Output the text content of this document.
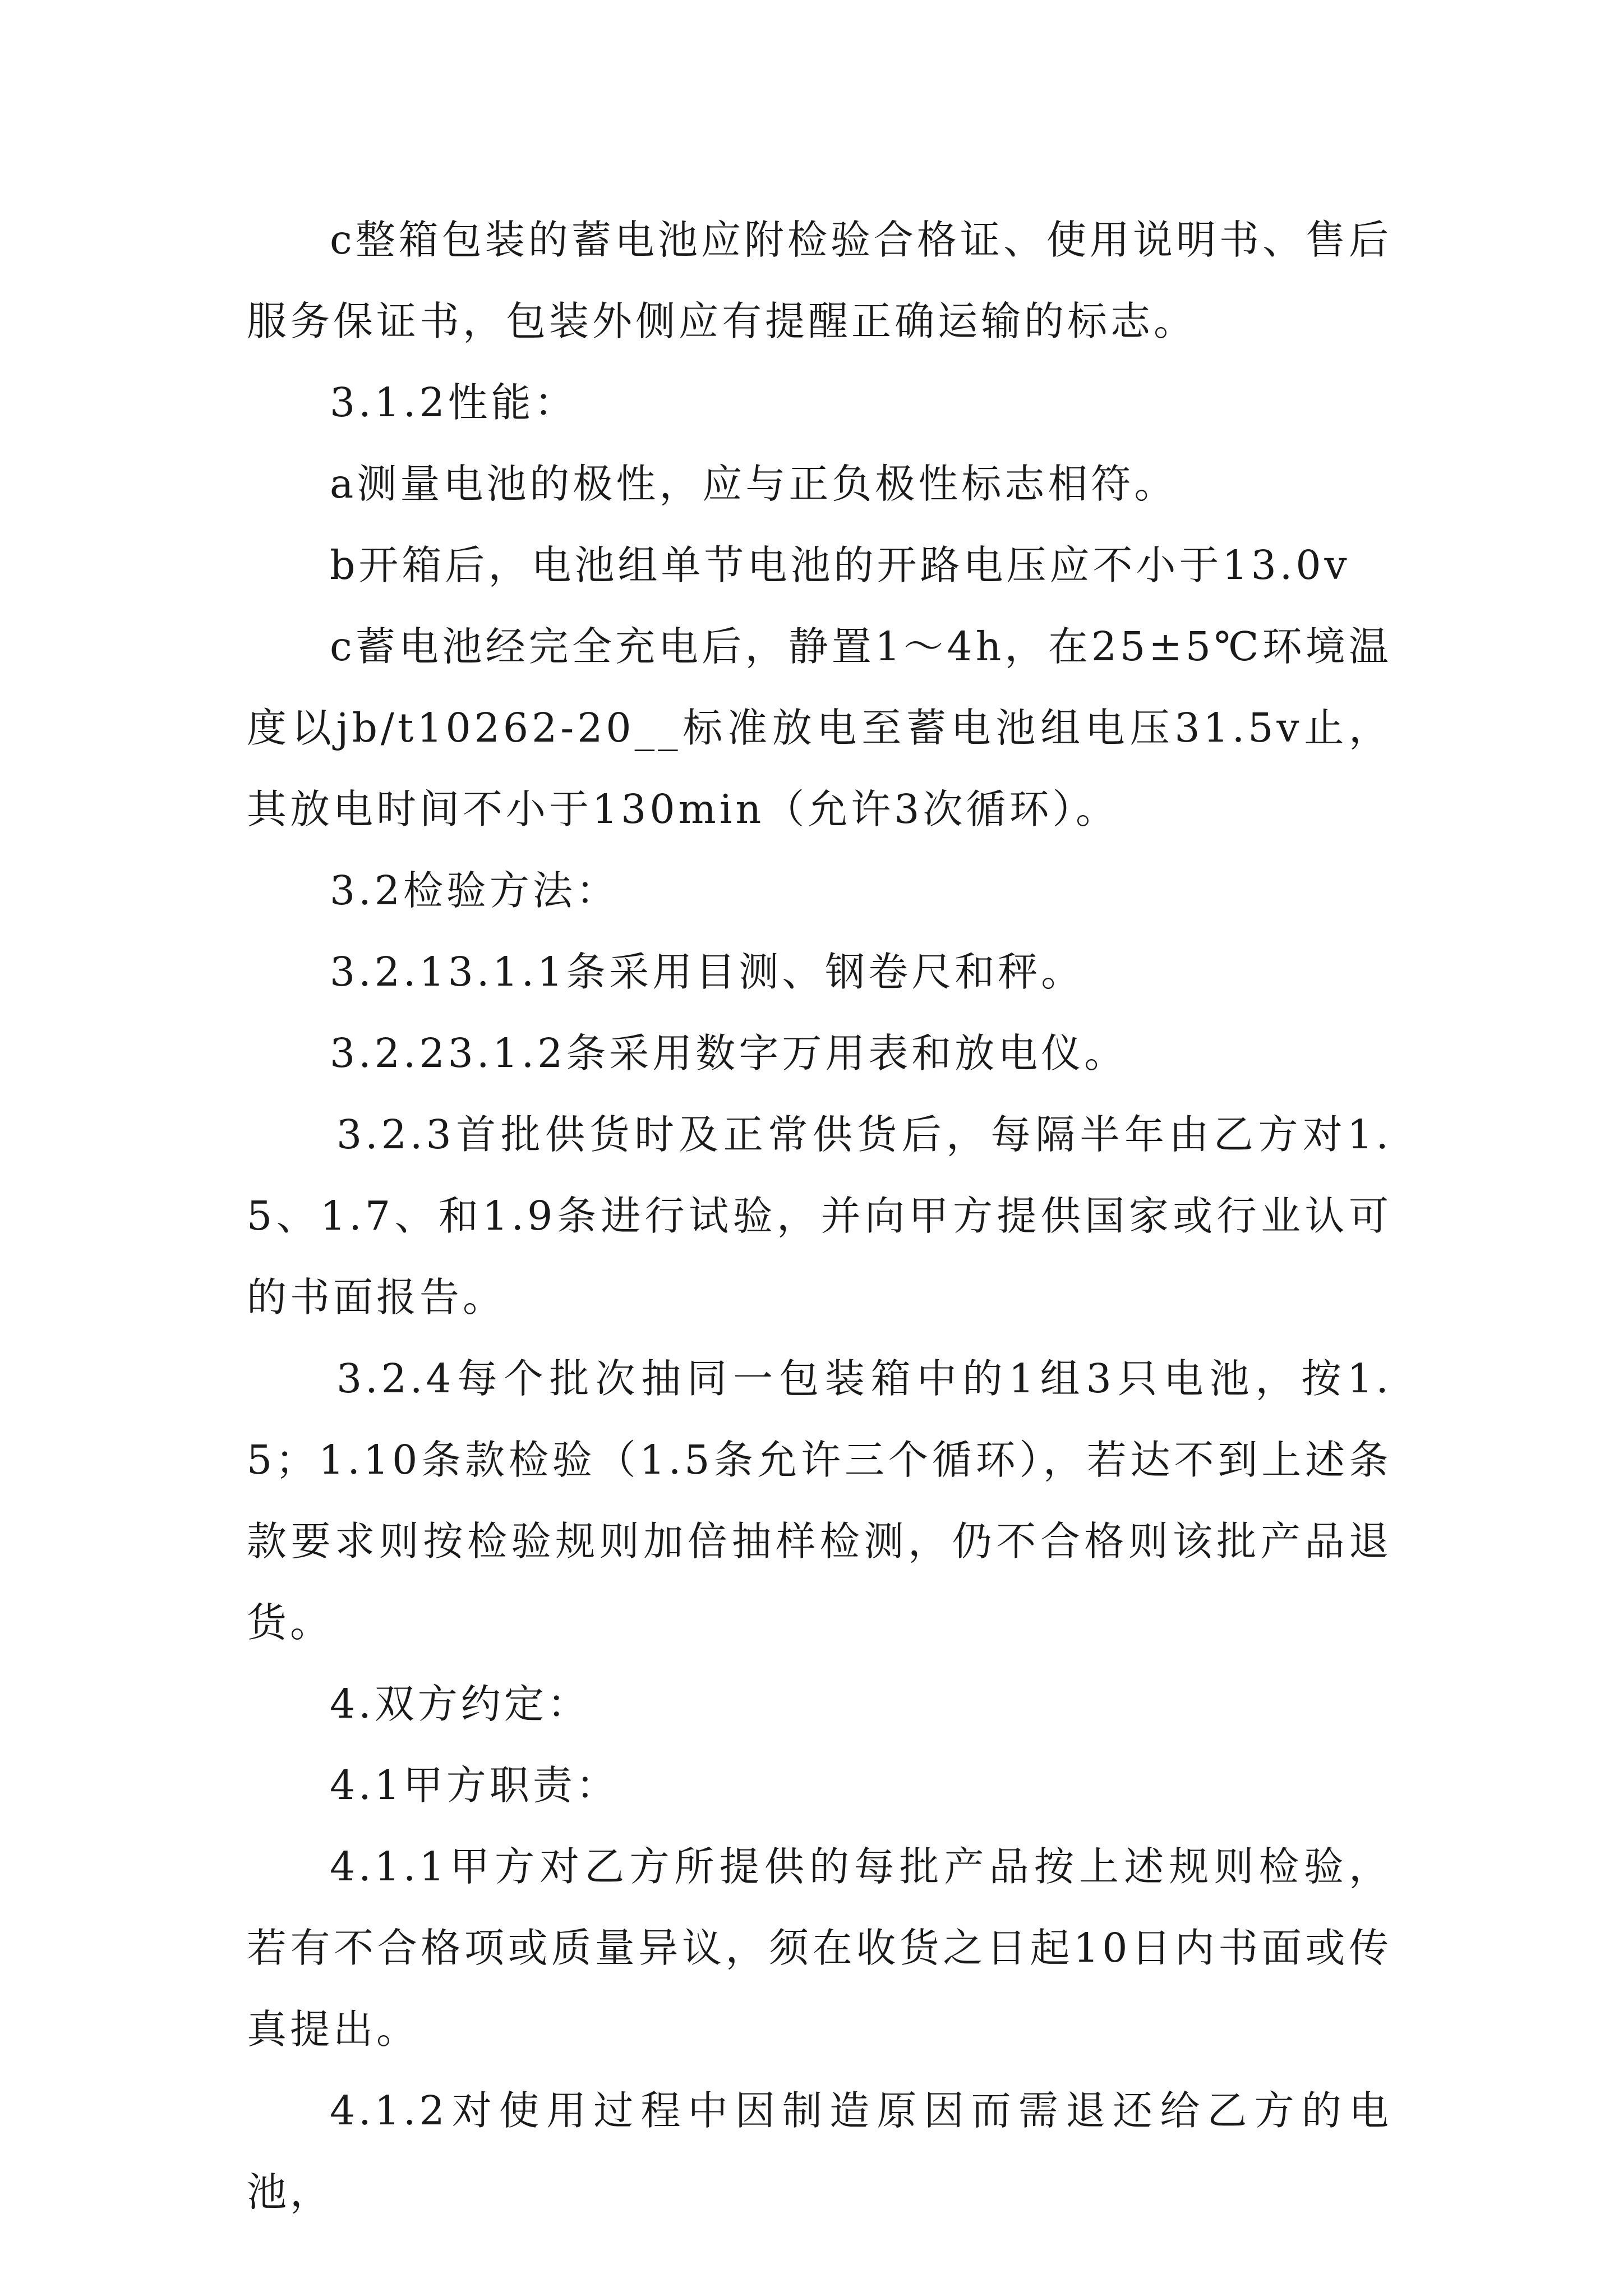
c整箱包装的蓄电池应附检验合格证、使用说明书、售后服务保证书，包装外侧应有提醒正确运输的标志。

3.1.2性能：

a测量电池的极性，应与正负极性标志相符。

b开箱后，电池组单节电池的开路电压应不小于13.0v

c蓄电池经完全充电后，静置1～4h，在25±5℃环境温度以jb/t10262-20__标准放电至蓄电池组电压31.5v止，其放电时间不小于130min（允许3次循环）。

3.2检验方法：

3.2.13.1.1条采用目测、钢卷尺和秤。

3.2.23.1.2条采用数字万用表和放电仪。

3.2.3首批供货时及正常供货后，每隔半年由乙方对1.5、1.7、和1.9条进行试验，并向甲方提供国家或行业认可的书面报告。

3.2.4每个批次抽同一包装箱中的1组3只电池，按1.5；1.10条款检验（1.5条允许三个循环），若达不到上述条款要求则按检验规则加倍抽样检测，仍不合格则该批产品退货。

4.双方约定：

4.1甲方职责：

4.1.1甲方对乙方所提供的每批产品按上述规则检验，若有不合格项或质量异议，须在收货之日起10日内书面或传真提出。

4.1.2对使用过程中因制造原因而需退还给乙方的电池，
